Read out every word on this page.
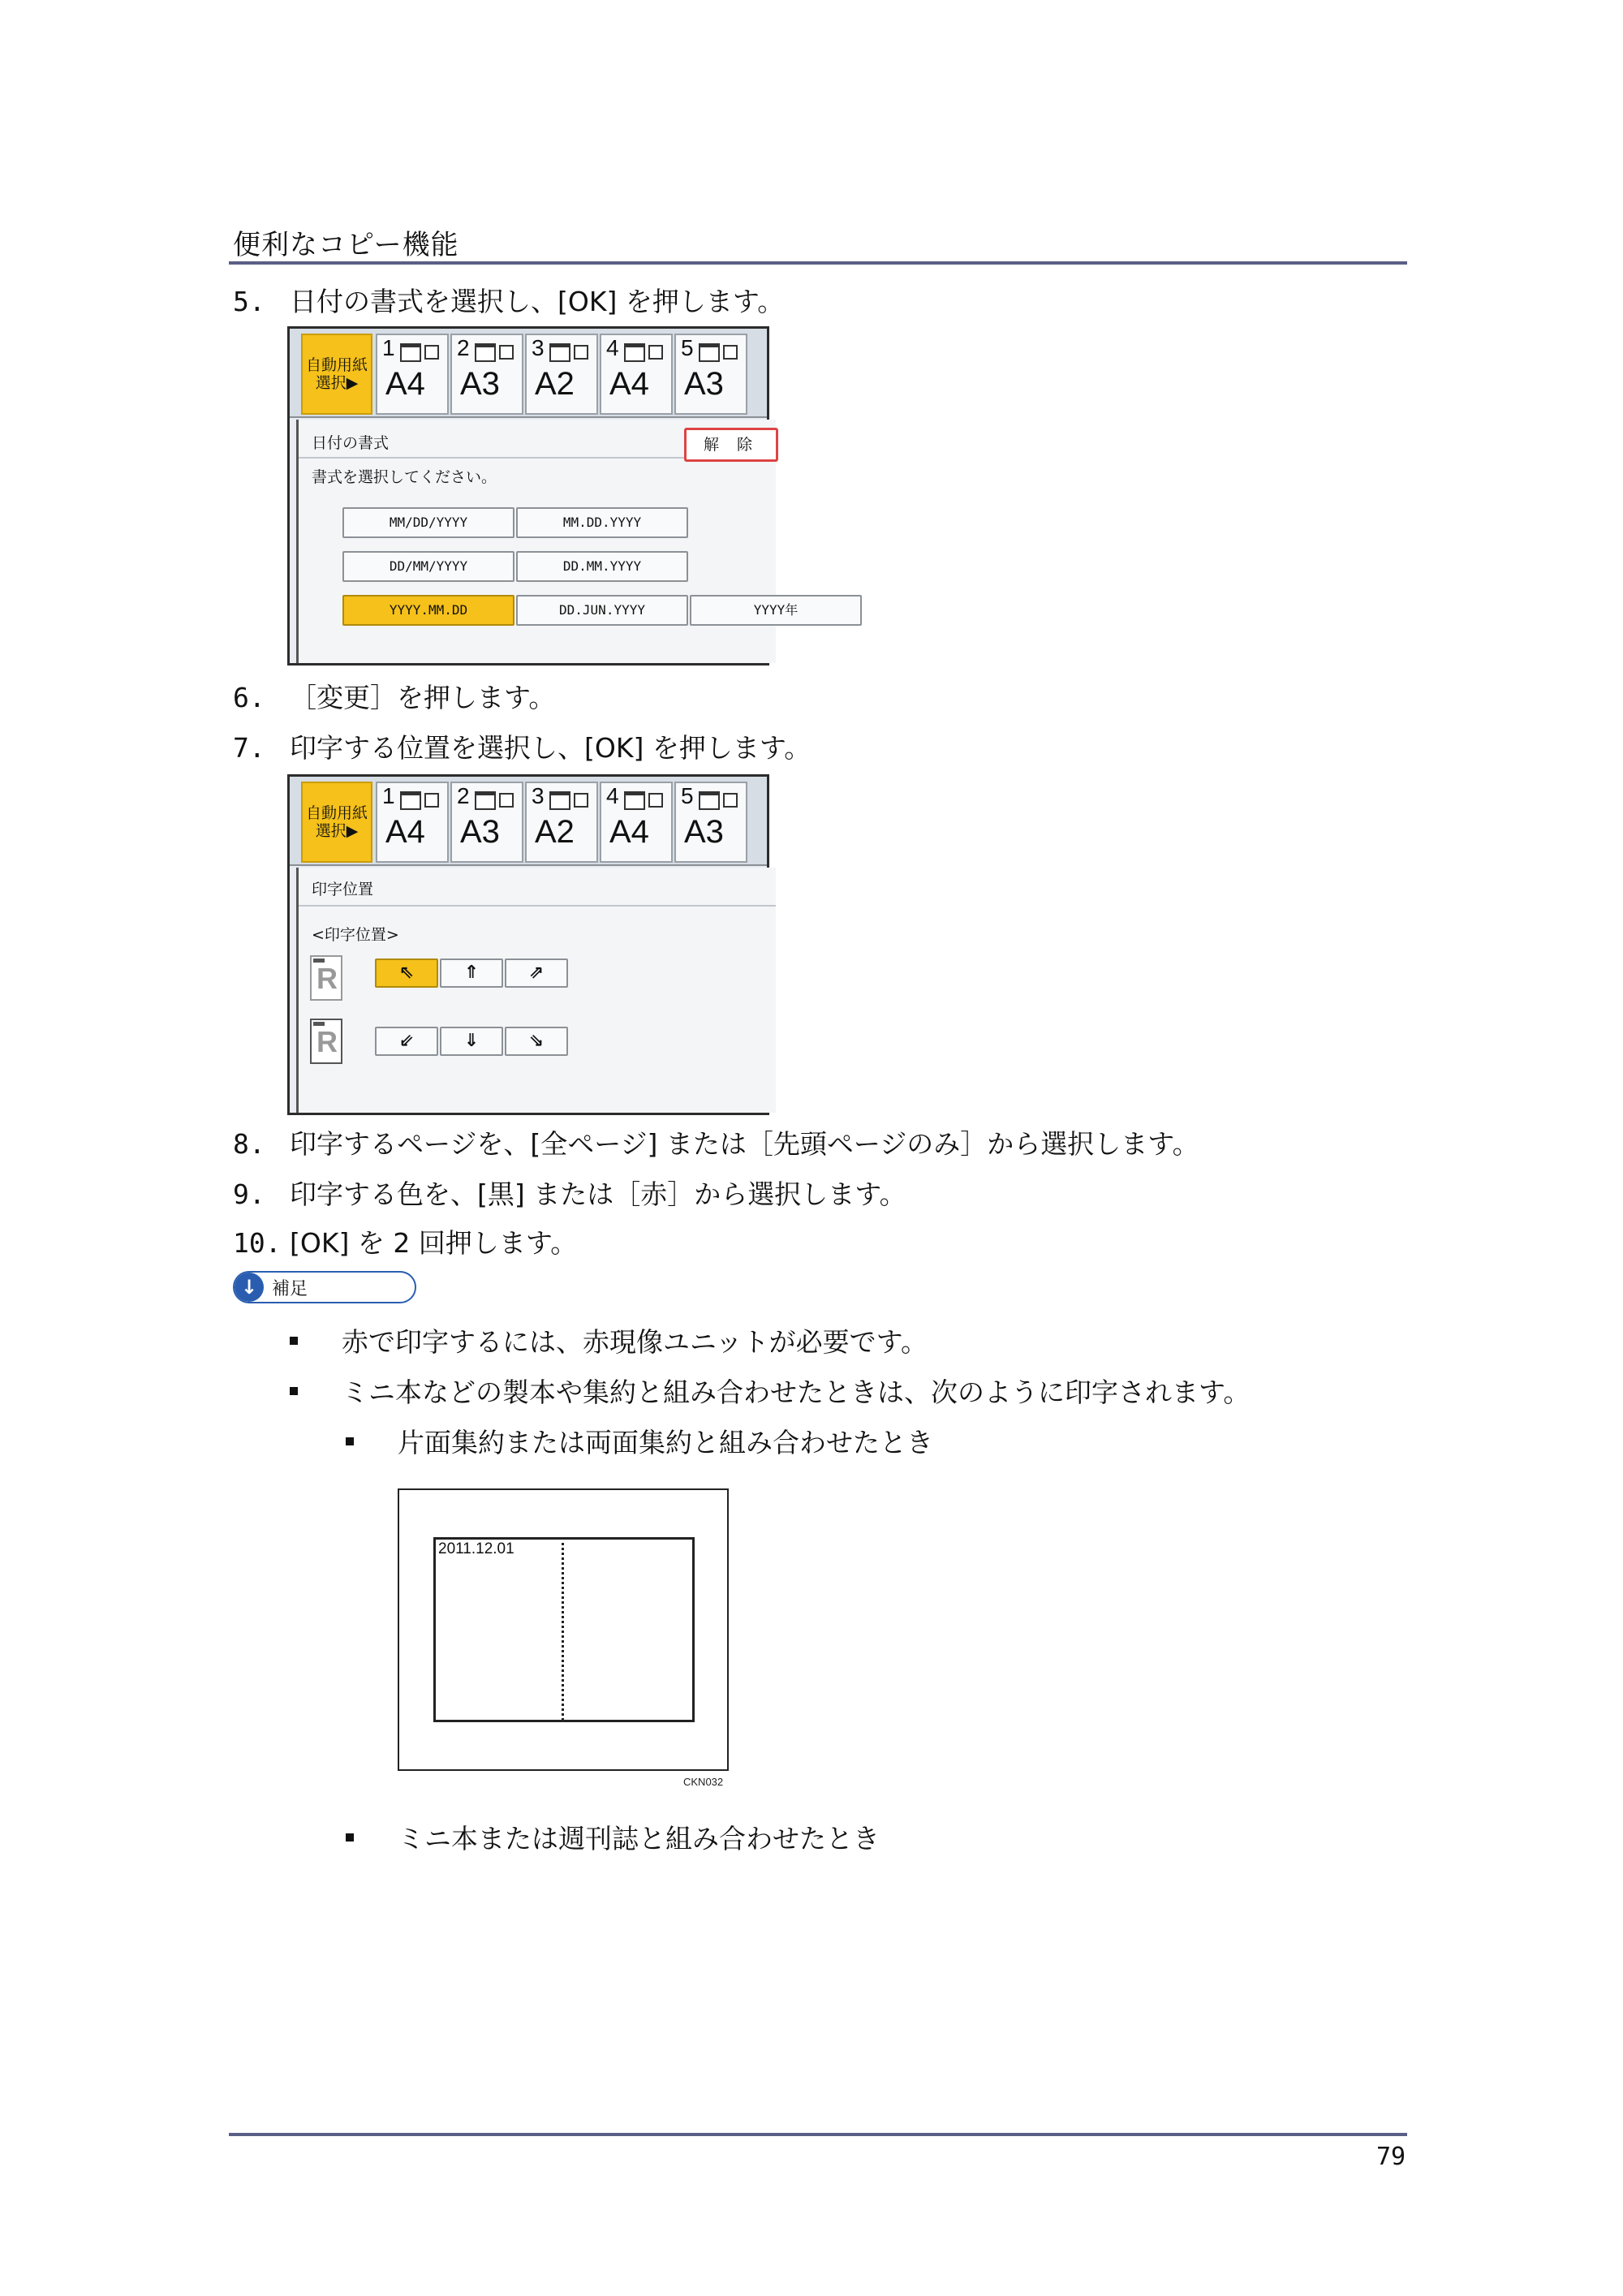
便利なコピー機能
5. 日付の書式を選択し、[OK] を押します。
自動用紙
選択▶
1
A4
2
A3
3
A2
4
A4
5
A3
日付の書式
書式を選択してください。
MM/DD/YYYY	MM.DD.YYYY
DD/MM/YYYY	DD.MM.YYYY
YYYY.MM.DD	DD.JUN.YYYY	YYYY年
解 除
6. ［変更］を押します。
7. 印字する位置を選択し、[OK] を押します。
自動用紙
選択▶
1
A4
2
A3
3
A2
4
A4
5
A3
印字位置
<印字位置>
R	⇖	⇑	⇗
R	⇙	⇓	⇘
8. 印字するページを、[全ページ] または［先頭ページのみ］から選択します。
9. 印字する色を、[黒] または［赤］から選択します。
10. [OK] を 2 回押します。
↓ 補足
赤で印字するには、赤現像ユニットが必要です。
ミニ本などの製本や集約と組み合わせたときは、次のように印字されます。
片面集約または両面集約と組み合わせたとき
2011.12.01
CKN032
ミニ本または週刊誌と組み合わせたとき
79
